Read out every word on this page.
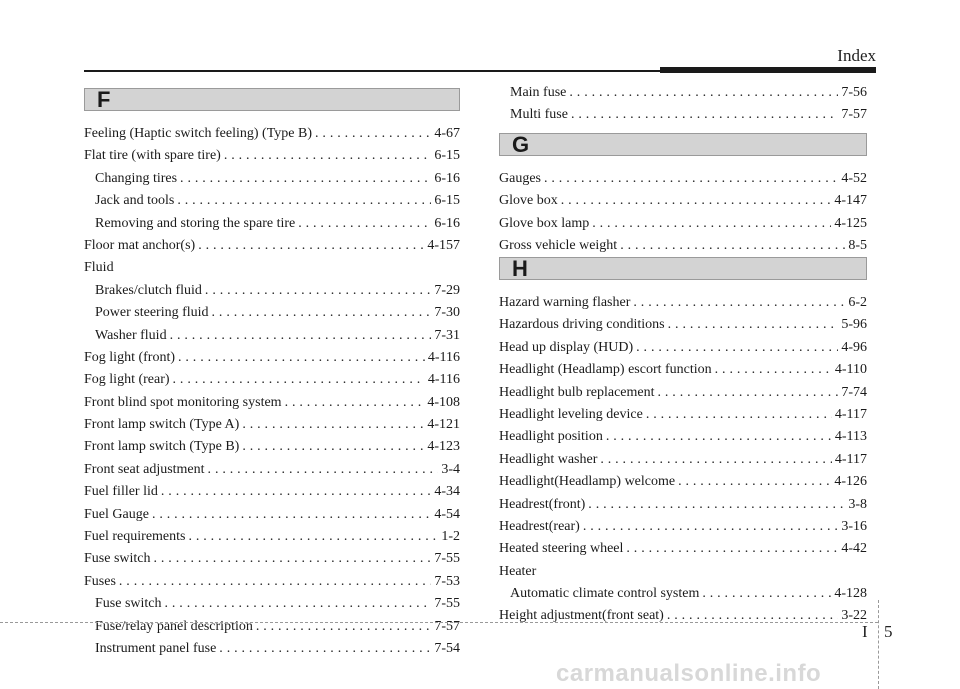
Index
F
Feeling (Haptic switch feeling) (Type B) . . .	4-67
Flat tire (with spare tire) . . .	6-15
Changing tires . . .	6-16
Jack and tools . . .	6-15
Removing and storing the spare tire . . .	6-16
Floor mat anchor(s) . . .	4-157
Fluid
Brakes/clutch fluid . . .	7-29
Power steering fluid . . .	7-30
Washer fluid . . .	7-31
Fog light (front) . . .	4-116
Fog light (rear) . . .	4-116
Front blind spot monitoring system . . .	4-108
Front lamp switch (Type A) . . .	4-121
Front lamp switch (Type B) . . .	4-123
Front seat adjustment . . .	3-4
Fuel filler lid . . .	4-34
Fuel Gauge . . .	4-54
Fuel requirements . . .	1-2
Fuse switch . . .	7-55
Fuses . . .	7-53
Fuse switch . . .	7-55
Fuse/relay panel description . . .	7-57
Instrument panel fuse . . .	7-54
Main fuse . . .	7-56
Multi fuse . . .	7-57
G
Gauges . . .	4-52
Glove box . . .	4-147
Glove box lamp . . .	4-125
Gross vehicle weight . . .	8-5
H
Hazard warning flasher . . .	6-2
Hazardous driving conditions . . .	5-96
Head up display (HUD) . . .	4-96
Headlight (Headlamp) escort function . . .	4-110
Headlight bulb replacement . . .	7-74
Headlight leveling device . . .	4-117
Headlight position . . .	4-113
Headlight washer . . .	4-117
Headlight(Headlamp) welcome . . .	4-126
Headrest(front) . . .	3-8
Headrest(rear) . . .	3-16
Heated steering wheel . . .	4-42
Heater
Automatic climate control system . . .	4-128
Height adjustment(front seat) . . .	3-22
I 5
carmanualsonline.info
